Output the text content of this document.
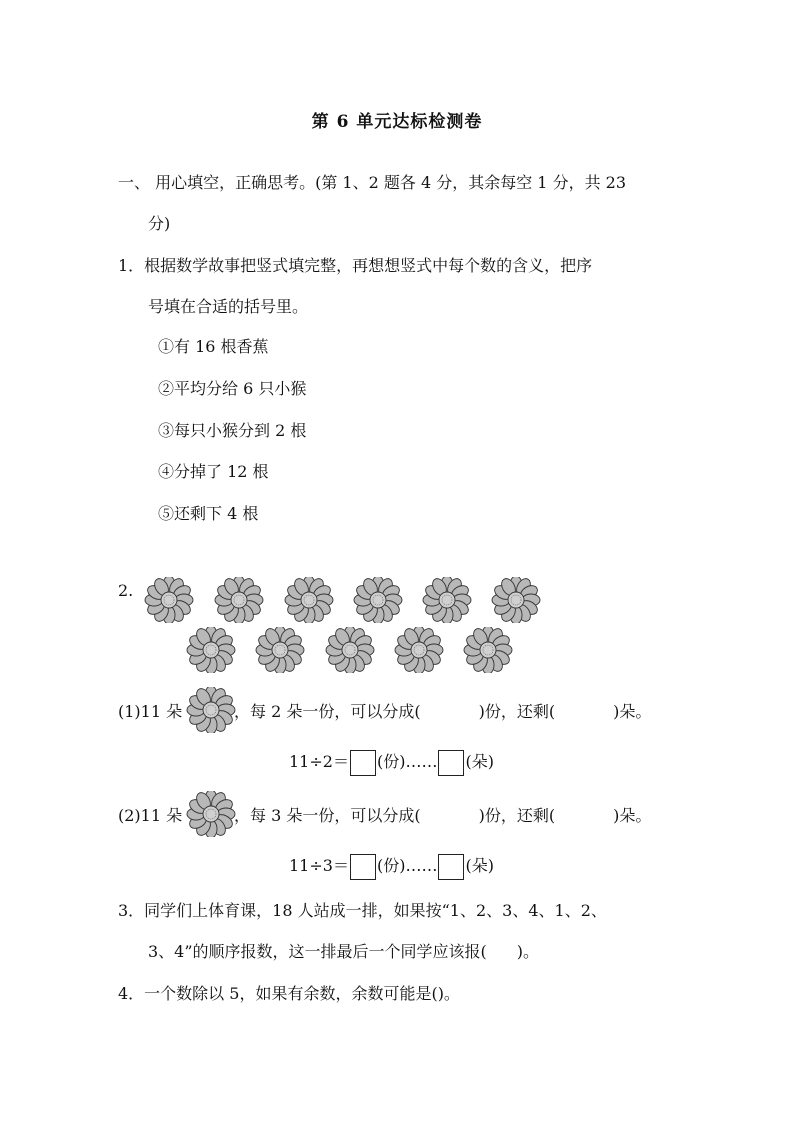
第 6 单元达标检测卷
一、 用心填空，正确思考。(第 1、2 题各 4 分，其余每空 1 分，共 23
分)
1．根据数学故事把竖式填完整，再想想竖式中每个数的含义，把序
号填在合适的括号里。
①有 16 根香蕉
②平均分给 6 只小猴
③每只小猴分到 2 根
④分掉了 12 根
⑤还剩下 4 根
2.
(1)11 朵	，每 2 朵一份，可以分成(	)份，还剩(	)朵。
11÷2＝ (份)…… (朵)
(2)11 朵	，每 3 朵一份，可以分成(	)份，还剩(	)朵。
11÷3＝ (份)…… (朵)
3．同学们上体育课，18 人站成一排，如果按“1、2、3、4、1、2、
3、4”的顺序报数，这一排最后一个同学应该报( )。
4．一个数除以 5，如果有余数，余数可能是()。
